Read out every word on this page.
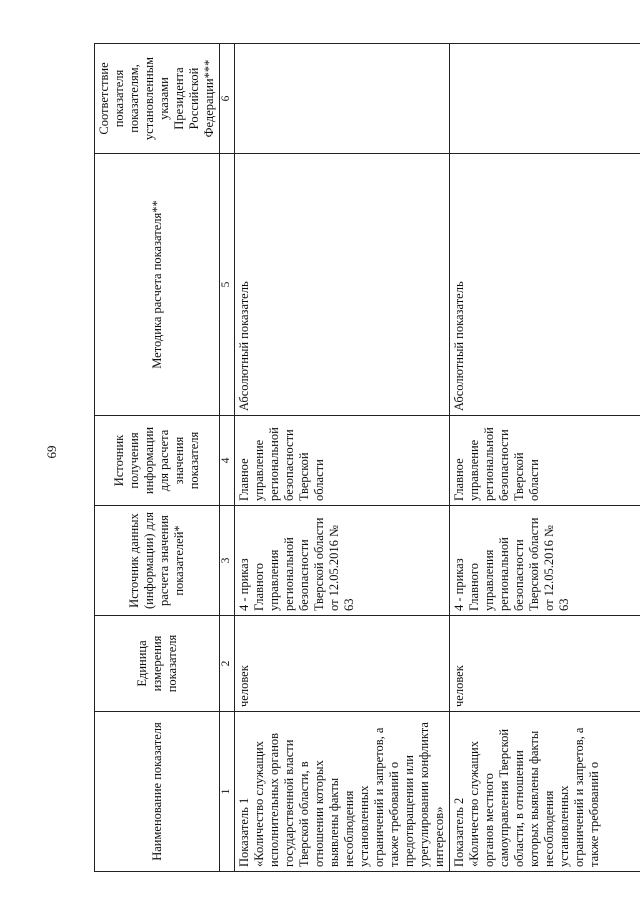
69
Наименование показателя	Единица измерения показателя	Источник данных (информации) для расчета значения показателей*	Источник получения информации для расчета значения показателя	Методика расчета показателя**	Соответствие показателя показателям, установленным указами Президента Российской Федерации***
1	2	3	4	5	6

Показатель 1
«Количество служащих исполнительных органов государственной власти Тверской области, в отношении которых выявлены факты несоблюдения установленных ограничений и запретов, а также требований о предотвращении или урегулировании конфликта интересов»	человек	4 - приказ Главного управления региональной безопасности Тверской области от 12.05.2016 № 63	Главное управление региональной безопасности Тверской области	Абсолютный показатель	

Показатель 2
«Количество служащих органов местного самоуправления Тверской области, в отношении которых выявлены факты несоблюдения установленных ограничений и запретов, а также требований о	человек	4 - приказ Главного управления региональной безопасности Тверской области от 12.05.2016 № 63	Главное управление региональной безопасности Тверской области	Абсолютный показатель	
